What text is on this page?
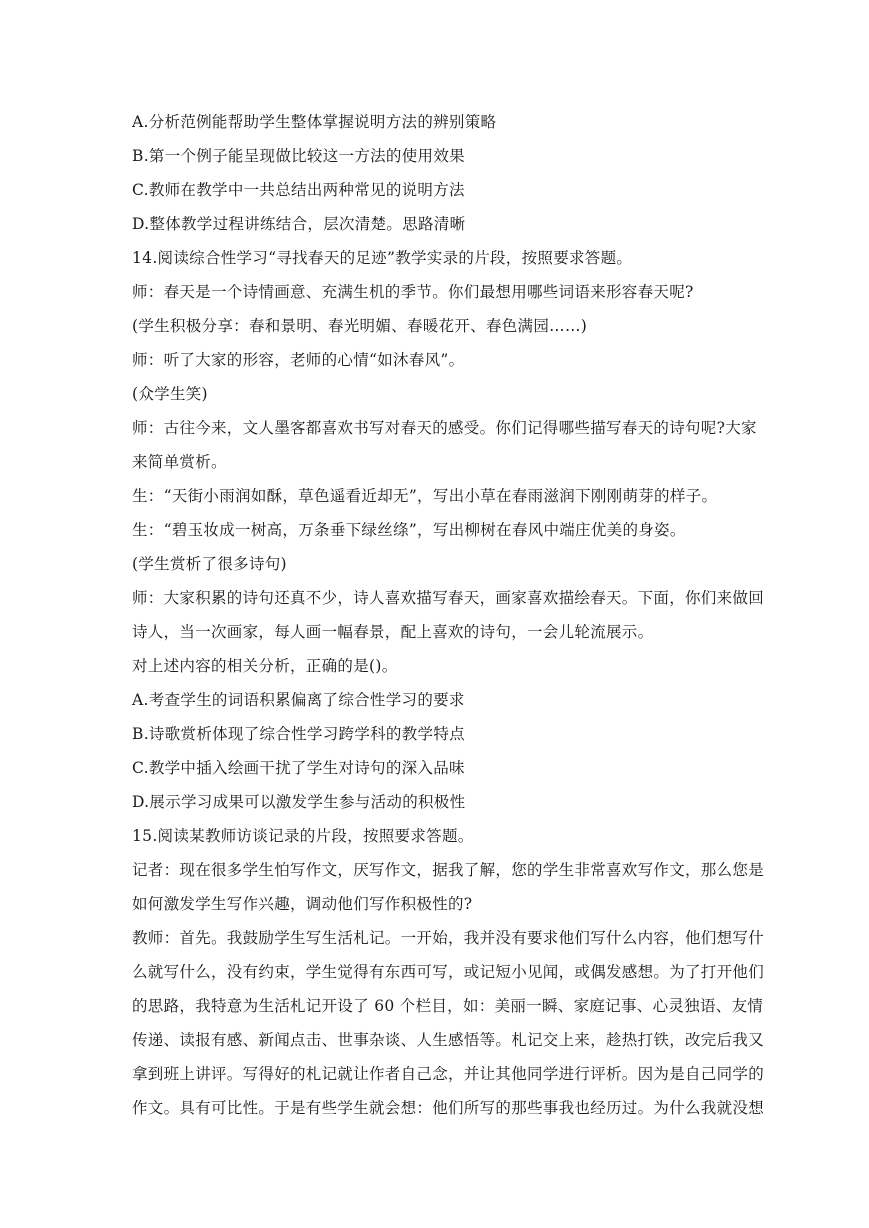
A.分析范例能帮助学生整体掌握说明方法的辨别策略
B.第一个例子能呈现做比较这一方法的使用效果
C.教师在教学中一共总结出两种常见的说明方法
D.整体教学过程讲练结合，层次清楚。思路清晰
14.阅读综合性学习“寻找春天的足迹”教学实录的片段，按照要求答题。
师：春天是一个诗情画意、充满生机的季节。你们最想用哪些词语来形容春天呢?
(学生积极分享：春和景明、春光明媚、春暖花开、春色满园……)
师：听了大家的形容，老师的心情“如沐春风”。
(众学生笑)
师：古往今来，文人墨客都喜欢书写对春天的感受。你们记得哪些描写春天的诗句呢?大家
来简单赏析。
生：“天街小雨润如酥，草色遥看近却无”，写出小草在春雨滋润下刚刚萌芽的样子。
生：“碧玉妆成一树高，万条垂下绿丝绦”，写出柳树在春风中端庄优美的身姿。
(学生赏析了很多诗句)
师：大家积累的诗句还真不少，诗人喜欢描写春天，画家喜欢描绘春天。下面，你们来做回
诗人，当一次画家，每人画一幅春景，配上喜欢的诗句，一会儿轮流展示。
对上述内容的相关分析，正确的是()。
A.考查学生的词语积累偏离了综合性学习的要求
B.诗歌赏析体现了综合性学习跨学科的教学特点
C.教学中插入绘画干扰了学生对诗句的深入品味
D.展示学习成果可以激发学生参与活动的积极性
15.阅读某教师访谈记录的片段，按照要求答题。
记者：现在很多学生怕写作文，厌写作文，据我了解，您的学生非常喜欢写作文，那么您是
如何激发学生写作兴趣，调动他们写作积极性的?
教师：首先。我鼓励学生写生活札记。一开始，我并没有要求他们写什么内容，他们想写什
么就写什么，没有约束，学生觉得有东西可写，或记短小见闻，或偶发感想。为了打开他们
的思路，我特意为生活札记开设了 60 个栏目，如：美丽一瞬、家庭记事、心灵独语、友情
传递、读报有感、新闻点击、世事杂谈、人生感悟等。札记交上来，趁热打铁，改完后我又
拿到班上讲评。写得好的札记就让作者自己念，并让其他同学进行评析。因为是自己同学的
作文。具有可比性。于是有些学生就会想：他们所写的那些事我也经历过。为什么我就没想
